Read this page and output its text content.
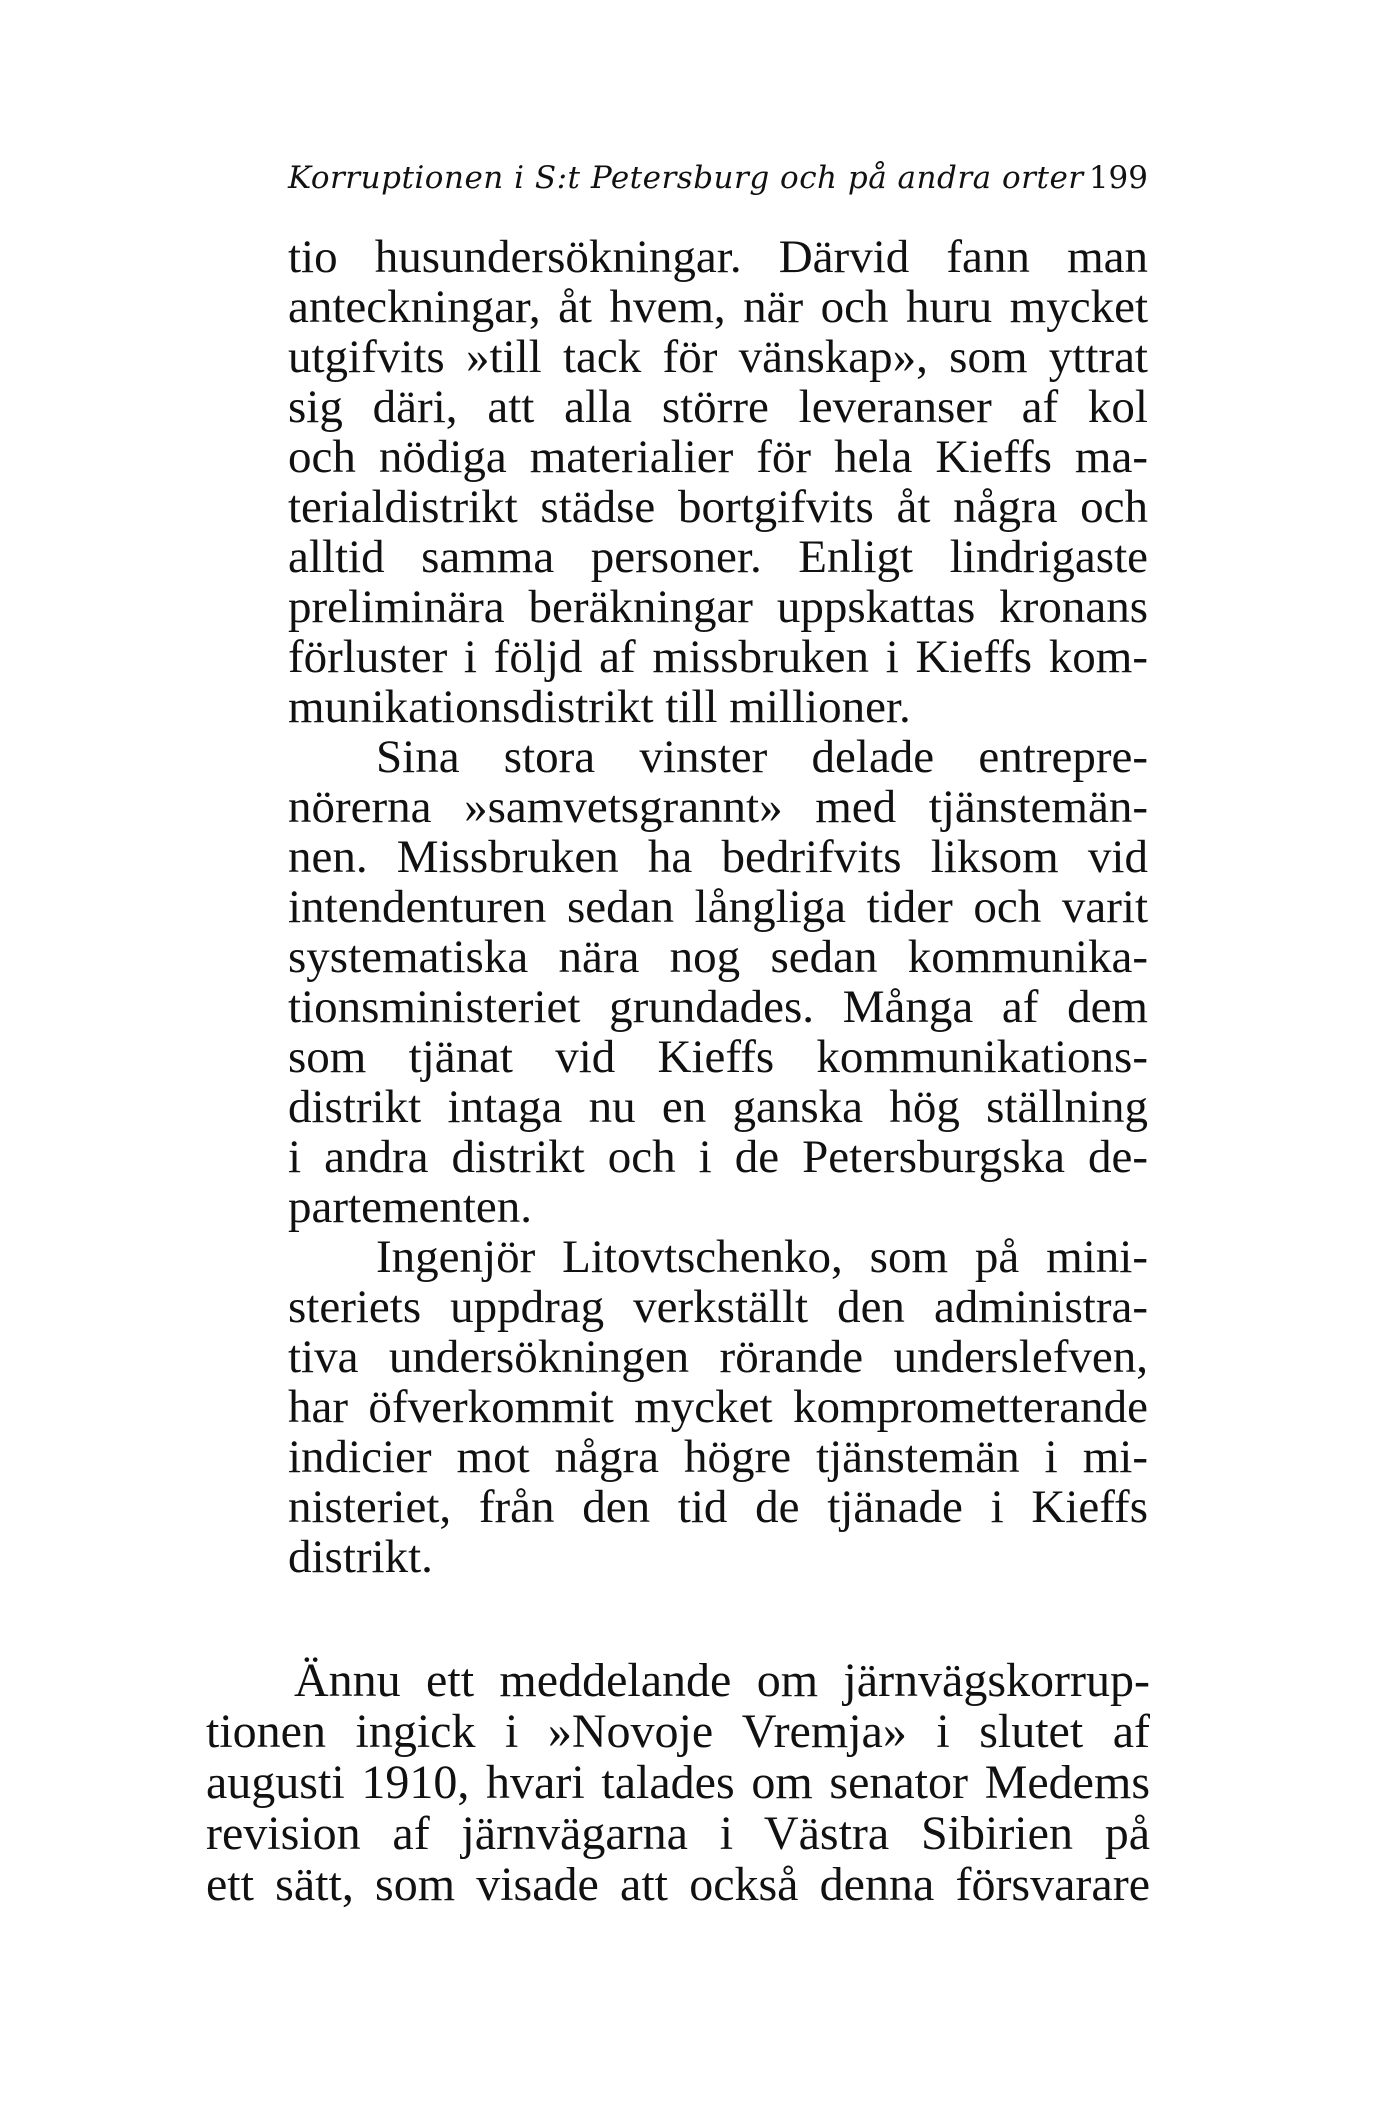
Korruptionen i S:t Petersburg och på andra orter 199
tio husundersökningar. Därvid fann man
anteckningar, åt hvem, när och huru mycket
utgifvits »till tack för vänskap», som yttrat
sig däri, att alla större leveranser af kol
och nödiga materialier för hela Kieffs ma-
terialdistrikt städse bortgifvits åt några och
alltid samma personer. Enligt lindrigaste
preliminära beräkningar uppskattas kronans
förluster i följd af missbruken i Kieffs kom-
munikationsdistrikt till millioner.
Sina stora vinster delade entrepre-
nörerna »samvetsgrannt» med tjänstemän-
nen. Missbruken ha bedrifvits liksom vid
intendenturen sedan långliga tider och varit
systematiska nära nog sedan kommunika-
tionsministeriet grundades. Många af dem
som tjänat vid Kieffs kommunikations-
distrikt intaga nu en ganska hög ställning
i andra distrikt och i de Petersburgska de-
partementen.
Ingenjör Litovtschenko, som på mini-
steriets uppdrag verkställt den administra-
tiva undersökningen rörande underslefven,
har öfverkommit mycket komprometterande
indicier mot några högre tjänstemän i mi-
nisteriet, från den tid de tjänade i Kieffs
distrikt.
Ännu ett meddelande om järnvägskorrup-
tionen ingick i »Novoje Vremja» i slutet af
augusti 1910, hvari talades om senator Medems
revision af järnvägarna i Västra Sibirien på
ett sätt, som visade att också denna försvarare
